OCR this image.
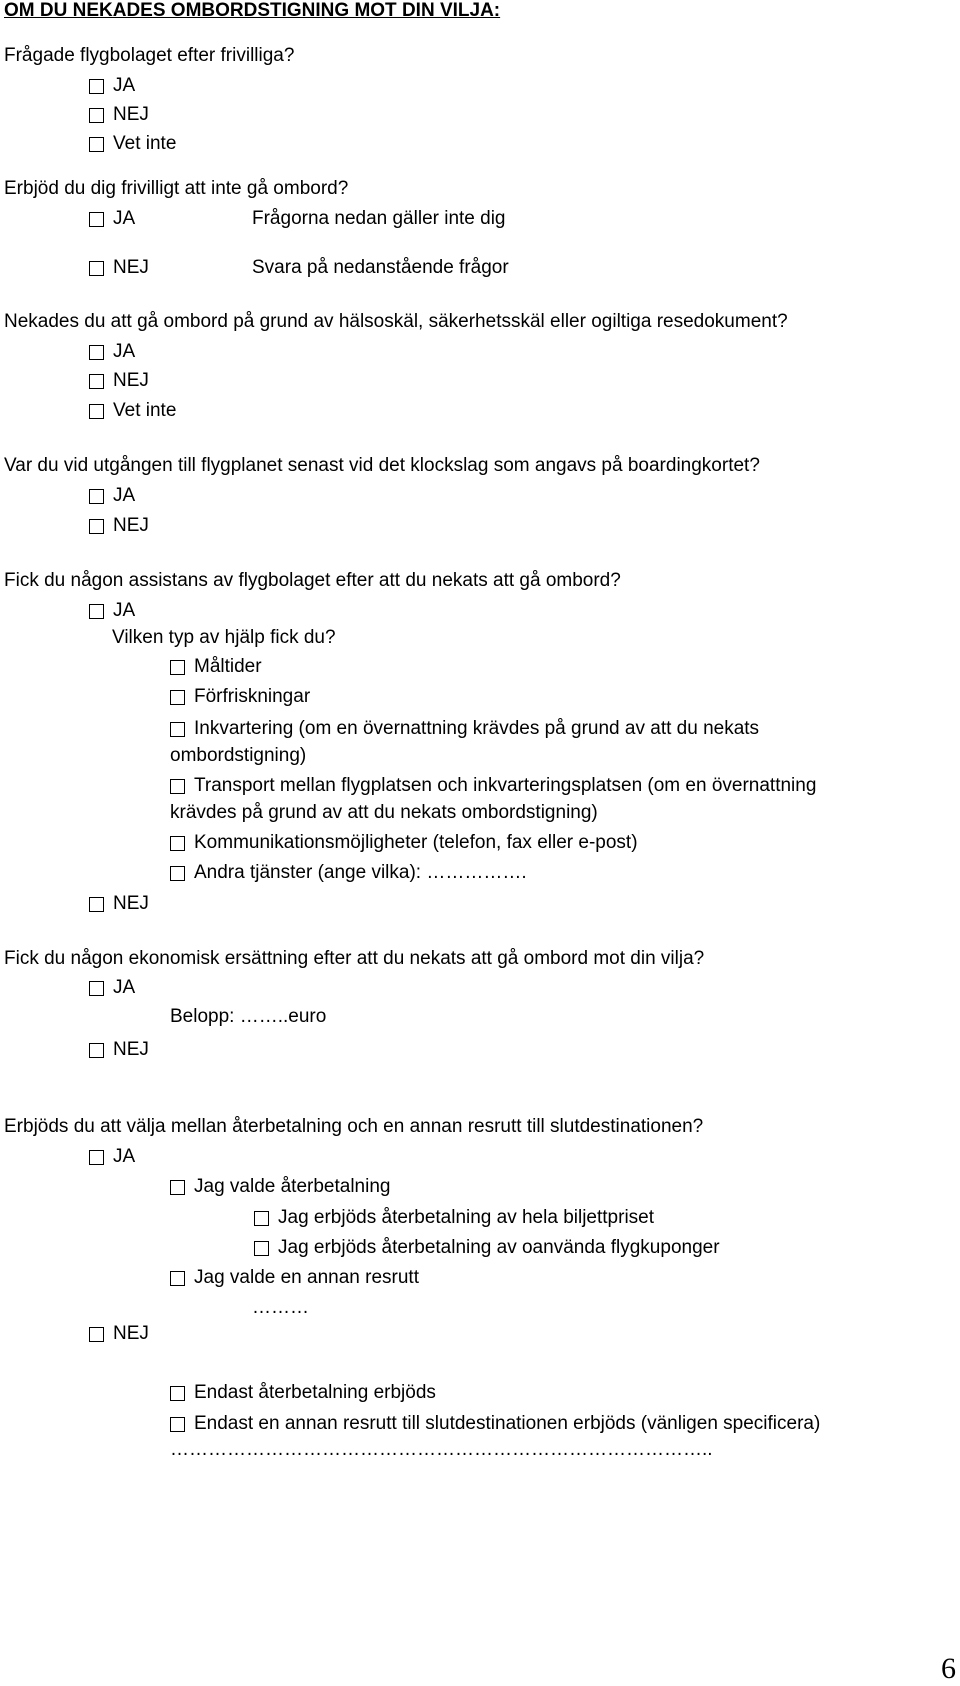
OM DU NEKADES OMBORDSTIGNING MOT DIN VILJA:
Frågade flygbolaget efter frivilliga?
JA
NEJ
Vet inte
Erbjöd du dig frivilligt att inte gå ombord?
JA	Frågorna nedan gäller inte dig
NEJ	Svara på nedanstående frågor
Nekades du att gå ombord på grund av hälsoskäl, säkerhetsskäl eller ogiltiga resedokument?
JA
NEJ
Vet inte
Var du vid utgången till flygplanet senast vid det klockslag som angavs på boardingkortet?
JA
NEJ
Fick du någon assistans av flygbolaget efter att du nekats att gå ombord?
JA
Vilken typ av hjälp fick du?
Måltider
Förfriskningar
Inkvartering (om en övernattning krävdes på grund av att du nekats
ombordstigning)
Transport mellan flygplatsen och inkvarteringsplatsen (om en övernattning
krävdes på grund av att du nekats ombordstigning)
Kommunikationsmöjligheter (telefon, fax eller e-post)
Andra tjänster (ange vilka): …………….
NEJ
Fick du någon ekonomisk ersättning efter att du nekats att gå ombord mot din vilja?
JA
Belopp: ……..euro
NEJ
Erbjöds du att välja mellan återbetalning och en annan resrutt till slutdestinationen?
JA
Jag valde återbetalning
Jag erbjöds återbetalning av hela biljettpriset
Jag erbjöds återbetalning av oanvända flygkuponger
Jag valde en annan resrutt
………
NEJ
Endast återbetalning erbjöds
Endast en annan resrutt till slutdestinationen erbjöds (vänligen specificera)
…………………………………………………………………………..
6
